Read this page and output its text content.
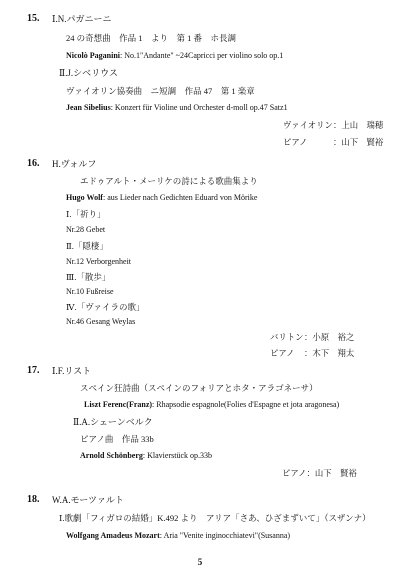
15. Ⅰ.N.パガニーニ
24 の奇想曲　作品 1　より　第 1 番　ホ長調
Nicolò Paganini: No.1"Andante" ~24Capricci per violino solo op.1
Ⅱ.J.シベリウス
ヴァイオリン協奏曲　ニ短調　作品 47　第 1 楽章
Jean Sibelius: Konzert für Violine und Orchester d-moll op.47 Satz1
ヴァイオリン：上山　瑞穂
ピアノ	：山下　賢裕
16. H.ヴォルフ
エドゥアルト・メーリケの詩による歌曲集より
Hugo Wolf: aus Lieder nach Gedichten Eduard von Mörike
Ⅰ.「祈り」
Nr.28 Gebet
Ⅱ.「隠棲」
Nr.12 Verborgenheit
Ⅲ.「散歩」
Nr.10 Fußreise
Ⅳ.「ヴァイラの歌」
Nr.46 Gesang Weylas
バリトン：小原　裕之
ピアノ ：木下　翔太
17. Ⅰ.F.リスト
スペイン狂詩曲（スペインのフォリアとホタ・アラゴネーサ）
Liszt Ferenc(Franz): Rhapsodie espagnole(Folies d'Espagne et jota aragonesa)
Ⅱ.A.シェーンベルク
ピアノ曲　作品 33b
Arnold Schönberg: Klavierstück op.33b
ピアノ：山下　賢裕
18. W.A.モーツァルト
Ⅰ.歌劇「フィガロの結婚」K.492 より　アリア「さあ、ひざまずいて」（スザンナ）
Wolfgang Amadeus Mozart: Aria "Venite inginocchiatevi"(Susanna)
5
